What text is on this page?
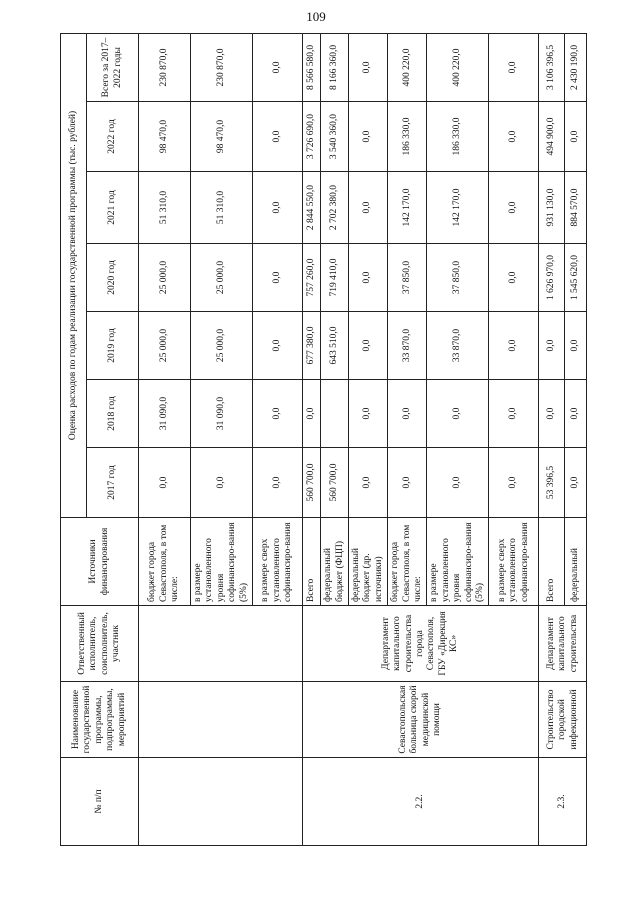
109
№ п/п	Наименование государственной программы, подпрограммы, мероприятий	Ответственный исполнитель, соисполнитель, участник	Источники финансирования	Оценка расходов по годам реализации государственной программы (тыс. рублей)						
				2017 год	2018 год	2019 год	2020 год	2021 год	2022 год	Всего за 2017–2022 годы
			бюджет города Севастополя, в том числе:	0,0	31 090,0	25 000,0	25 000,0	51 310,0	98 470,0	230 870,0
			в размере установленного уровня софинансиро-вания (5%)	0,0	31 090,0	25 000,0	25 000,0	51 310,0	98 470,0	230 870,0
			в размере сверх установленного софинансиро-вания	0,0	0,0	0,0	0,0	0,0	0,0	0,0
2.2.	Севастопольская больница скорой медицинской помощи	Департамент капитального строительства города Севастополя, ГБУ «Дирекция КС»	Всего	560 700,0	0,0	677 380,0	757 260,0	2 844 550,0	3 726 690,0	8 566 580,0
			федеральный бюджет (ФЦП)	560 700,0		643 510,0	719 410,0	2 702 380,0	3 540 360,0	8 166 360,0
			федеральный бюджет (др. источники)	0,0	0,0	0,0	0,0	0,0	0,0	0,0
			бюджет города Севастополя, в том числе:	0,0	0,0	33 870,0	37 850,0	142 170,0	186 330,0	400 220,0
			в размере установленного уровня софинансиро-вания (5%)	0,0	0,0	33 870,0	37 850,0	142 170,0	186 330,0	400 220,0
			в размере сверх установленного софинансиро-вания	0,0	0,0	0,0	0,0	0,0	0,0	0,0
2.3.	Строительство городской инфекционной	Департамент капитального строительства	Всего	53 396,5	0,0	0,0	1 626 970,0	931 130,0	494 900,0	3 106 396,5
			федеральный	0,0	0,0	0,0	1 545 620,0	884 570,0	0,0	2 430 190,0
